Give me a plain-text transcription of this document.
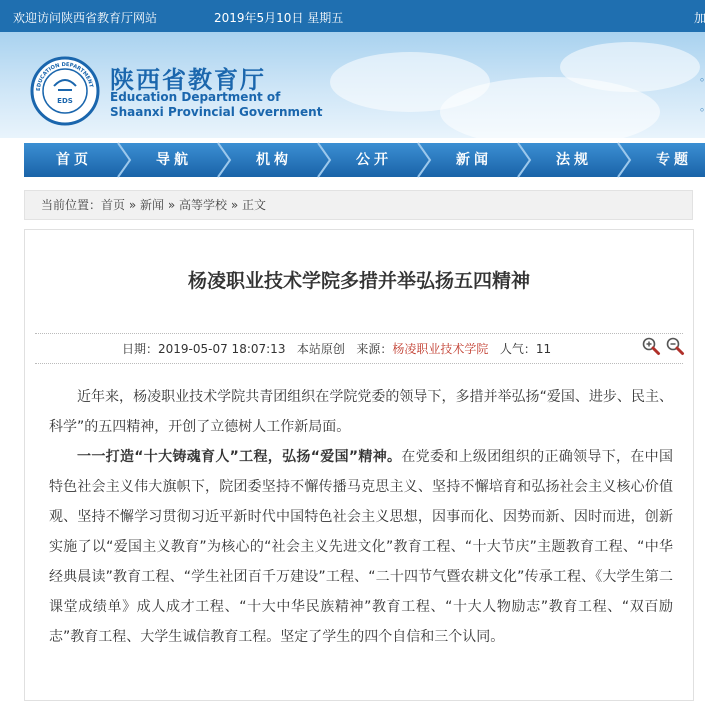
欢迎访问陕西省教育厅网站	2019年5月10日 星期五	加
EDUCATION DEPARTMENT
EDS
陕西省教育厅
Education Department of
Shaanxi Provincial Government
。
。
首页	导航	机构	公开	新闻	法规	专题
当前位置：首页 » 新闻 » 高等学校 » 正文
杨凌职业技术学院多措并举弘扬五四精神
日期：2019-05-07 18:07:13 本站原创 来源：杨凌职业技术学院 人气：11

近年来，杨凌职业技术学院共青团组织在学院党委的领导下，多措并举弘扬“爱国、进步、民主、科学”的五四精神，开创了立德树人工作新局面。

一一打造“十大铸魂育人”工程，弘扬“爱国”精神。在党委和上级团组织的正确领导下，在中国特色社会主义伟大旗帜下，院团委坚持不懈传播马克思主义、坚持不懈培育和弘扬社会主义核心价值观、坚持不懈学习贯彻习近平新时代中国特色社会主义思想，因事而化、因势而新、因时而进，创新实施了以“爱国主义教育”为核心的“社会主义先进文化”教育工程、“十大节庆”主题教育工程、“中华经典晨读”教育工程、“学生社团百千万建设”工程、“二十四节气暨农耕文化”传承工程、《大学生第二课堂成绩单》成人成才工程、“十大中华民族精神”教育工程、“十大人物励志”教育工程、“双百励志”教育工程、大学生诚信教育工程。坚定了学生的四个自信和三个认同。
